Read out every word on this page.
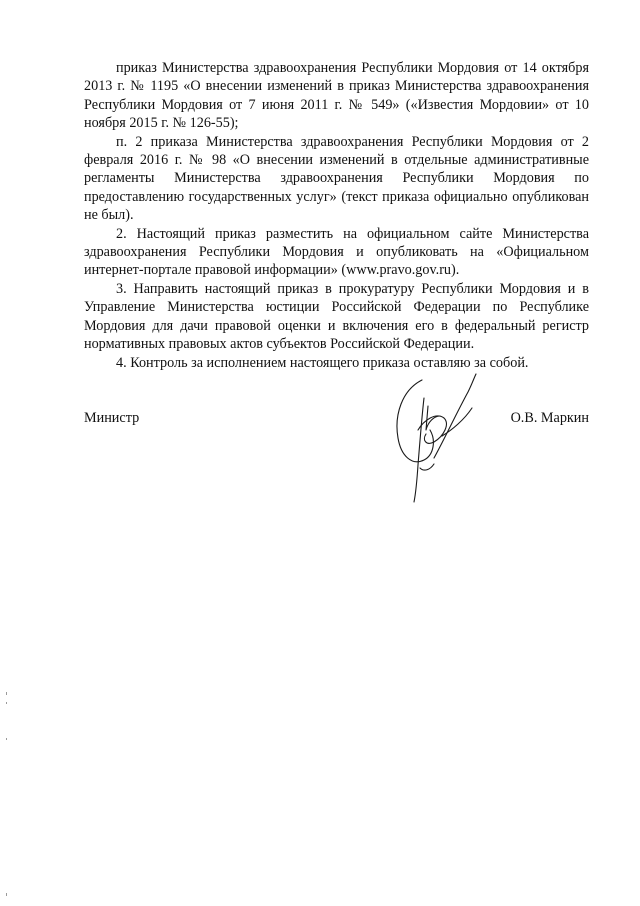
приказ Министерства здравоохранения Республики Мордовия от 14 октября 2013 г. № 1195 «О внесении изменений в приказ Министерства здравоохранения Республики Мордовия от 7 июня 2011 г. № 549» («Известия Мордовии» от 10 ноября 2015 г. № 126-55);

п. 2 приказа Министерства здравоохранения Республики Мордовия от 2 февраля 2016 г. № 98 «О внесении изменений в отдельные административные регламенты Министерства здравоохранения Республики Мордовия по предоставлению государственных услуг» (текст приказа официально опубликован не был).

2. Настоящий приказ разместить на официальном сайте Министерства здравоохранения Республики Мордовия и опубликовать на «Официальном интернет-портале правовой информации» (www.pravo.gov.ru).

3. Направить настоящий приказ в прокуратуру Республики Мордовия и в Управление Министерства юстиции Российской Федерации по Республике Мордовия для дачи правовой оценки и включения его в федеральный регистр нормативных правовых актов субъектов Российской Федерации.

4. Контроль за исполнением настоящего приказа оставляю за собой.

Министр	О.В. Маркин
